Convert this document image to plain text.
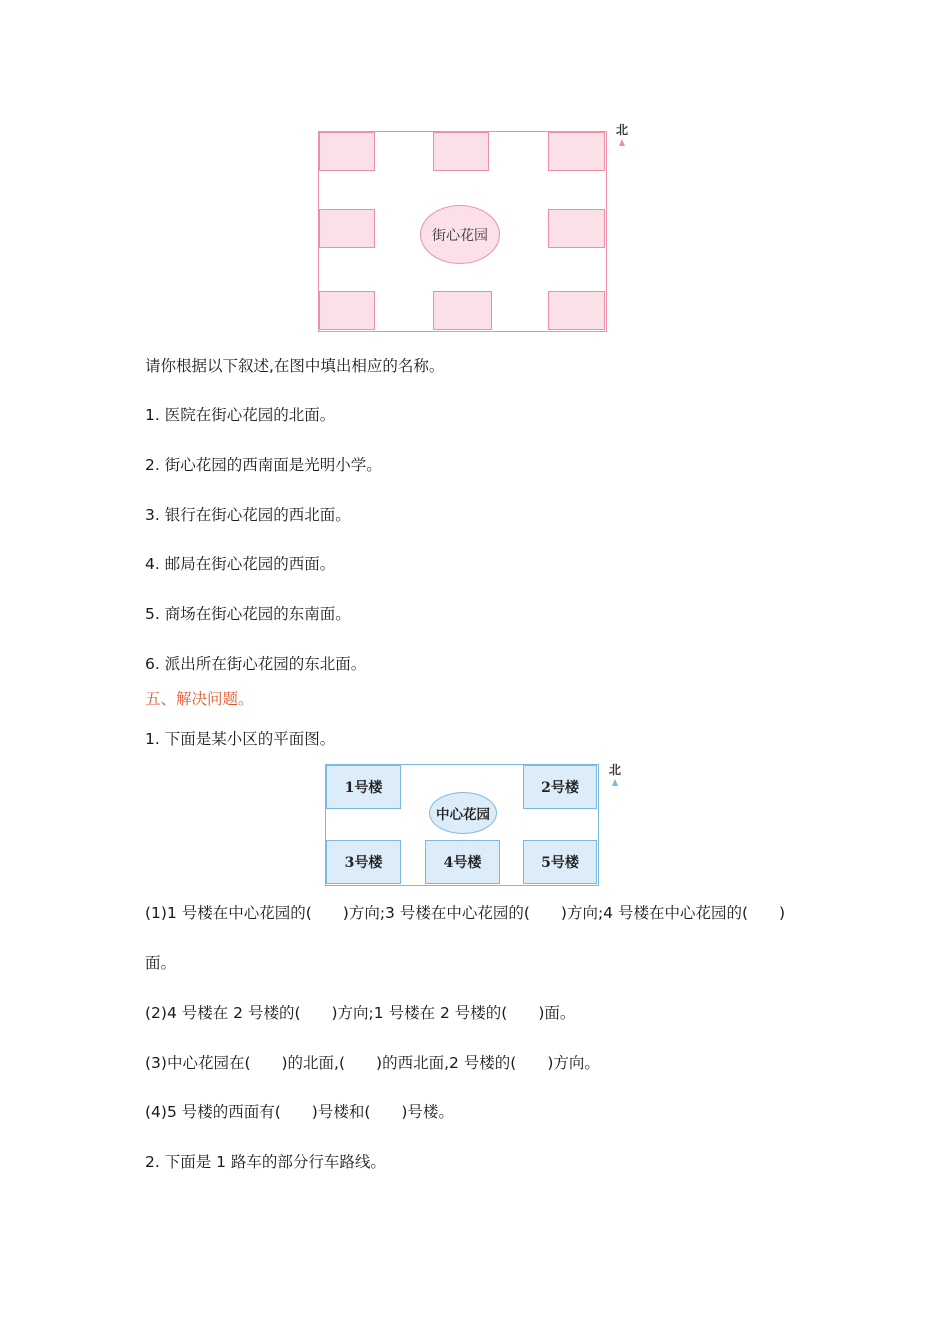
街心花园
北
请你根据以下叙述,在图中填出相应的名称。
1. 医院在街心花园的北面。
2. 街心花园的西南面是光明小学。
3. 银行在街心花园的西北面。
4. 邮局在街心花园的西面。
5. 商场在街心花园的东南面。
6. 派出所在街心花园的东北面。
五、解决问题。
1. 下面是某小区的平面图。
1号楼	2号楼
中心花园
3号楼	4号楼	5号楼
北
(1)1 号楼在中心花园的(　　)方向;3 号楼在中心花园的(　　)方向;4 号楼在中心花园的(　　)
面。
(2)4 号楼在 2 号楼的(　　)方向;1 号楼在 2 号楼的(　　)面。
(3)中心花园在(　　)的北面,(　　)的西北面,2 号楼的(　　)方向。
(4)5 号楼的西面有(　　)号楼和(　　)号楼。
2. 下面是 1 路车的部分行车路线。
